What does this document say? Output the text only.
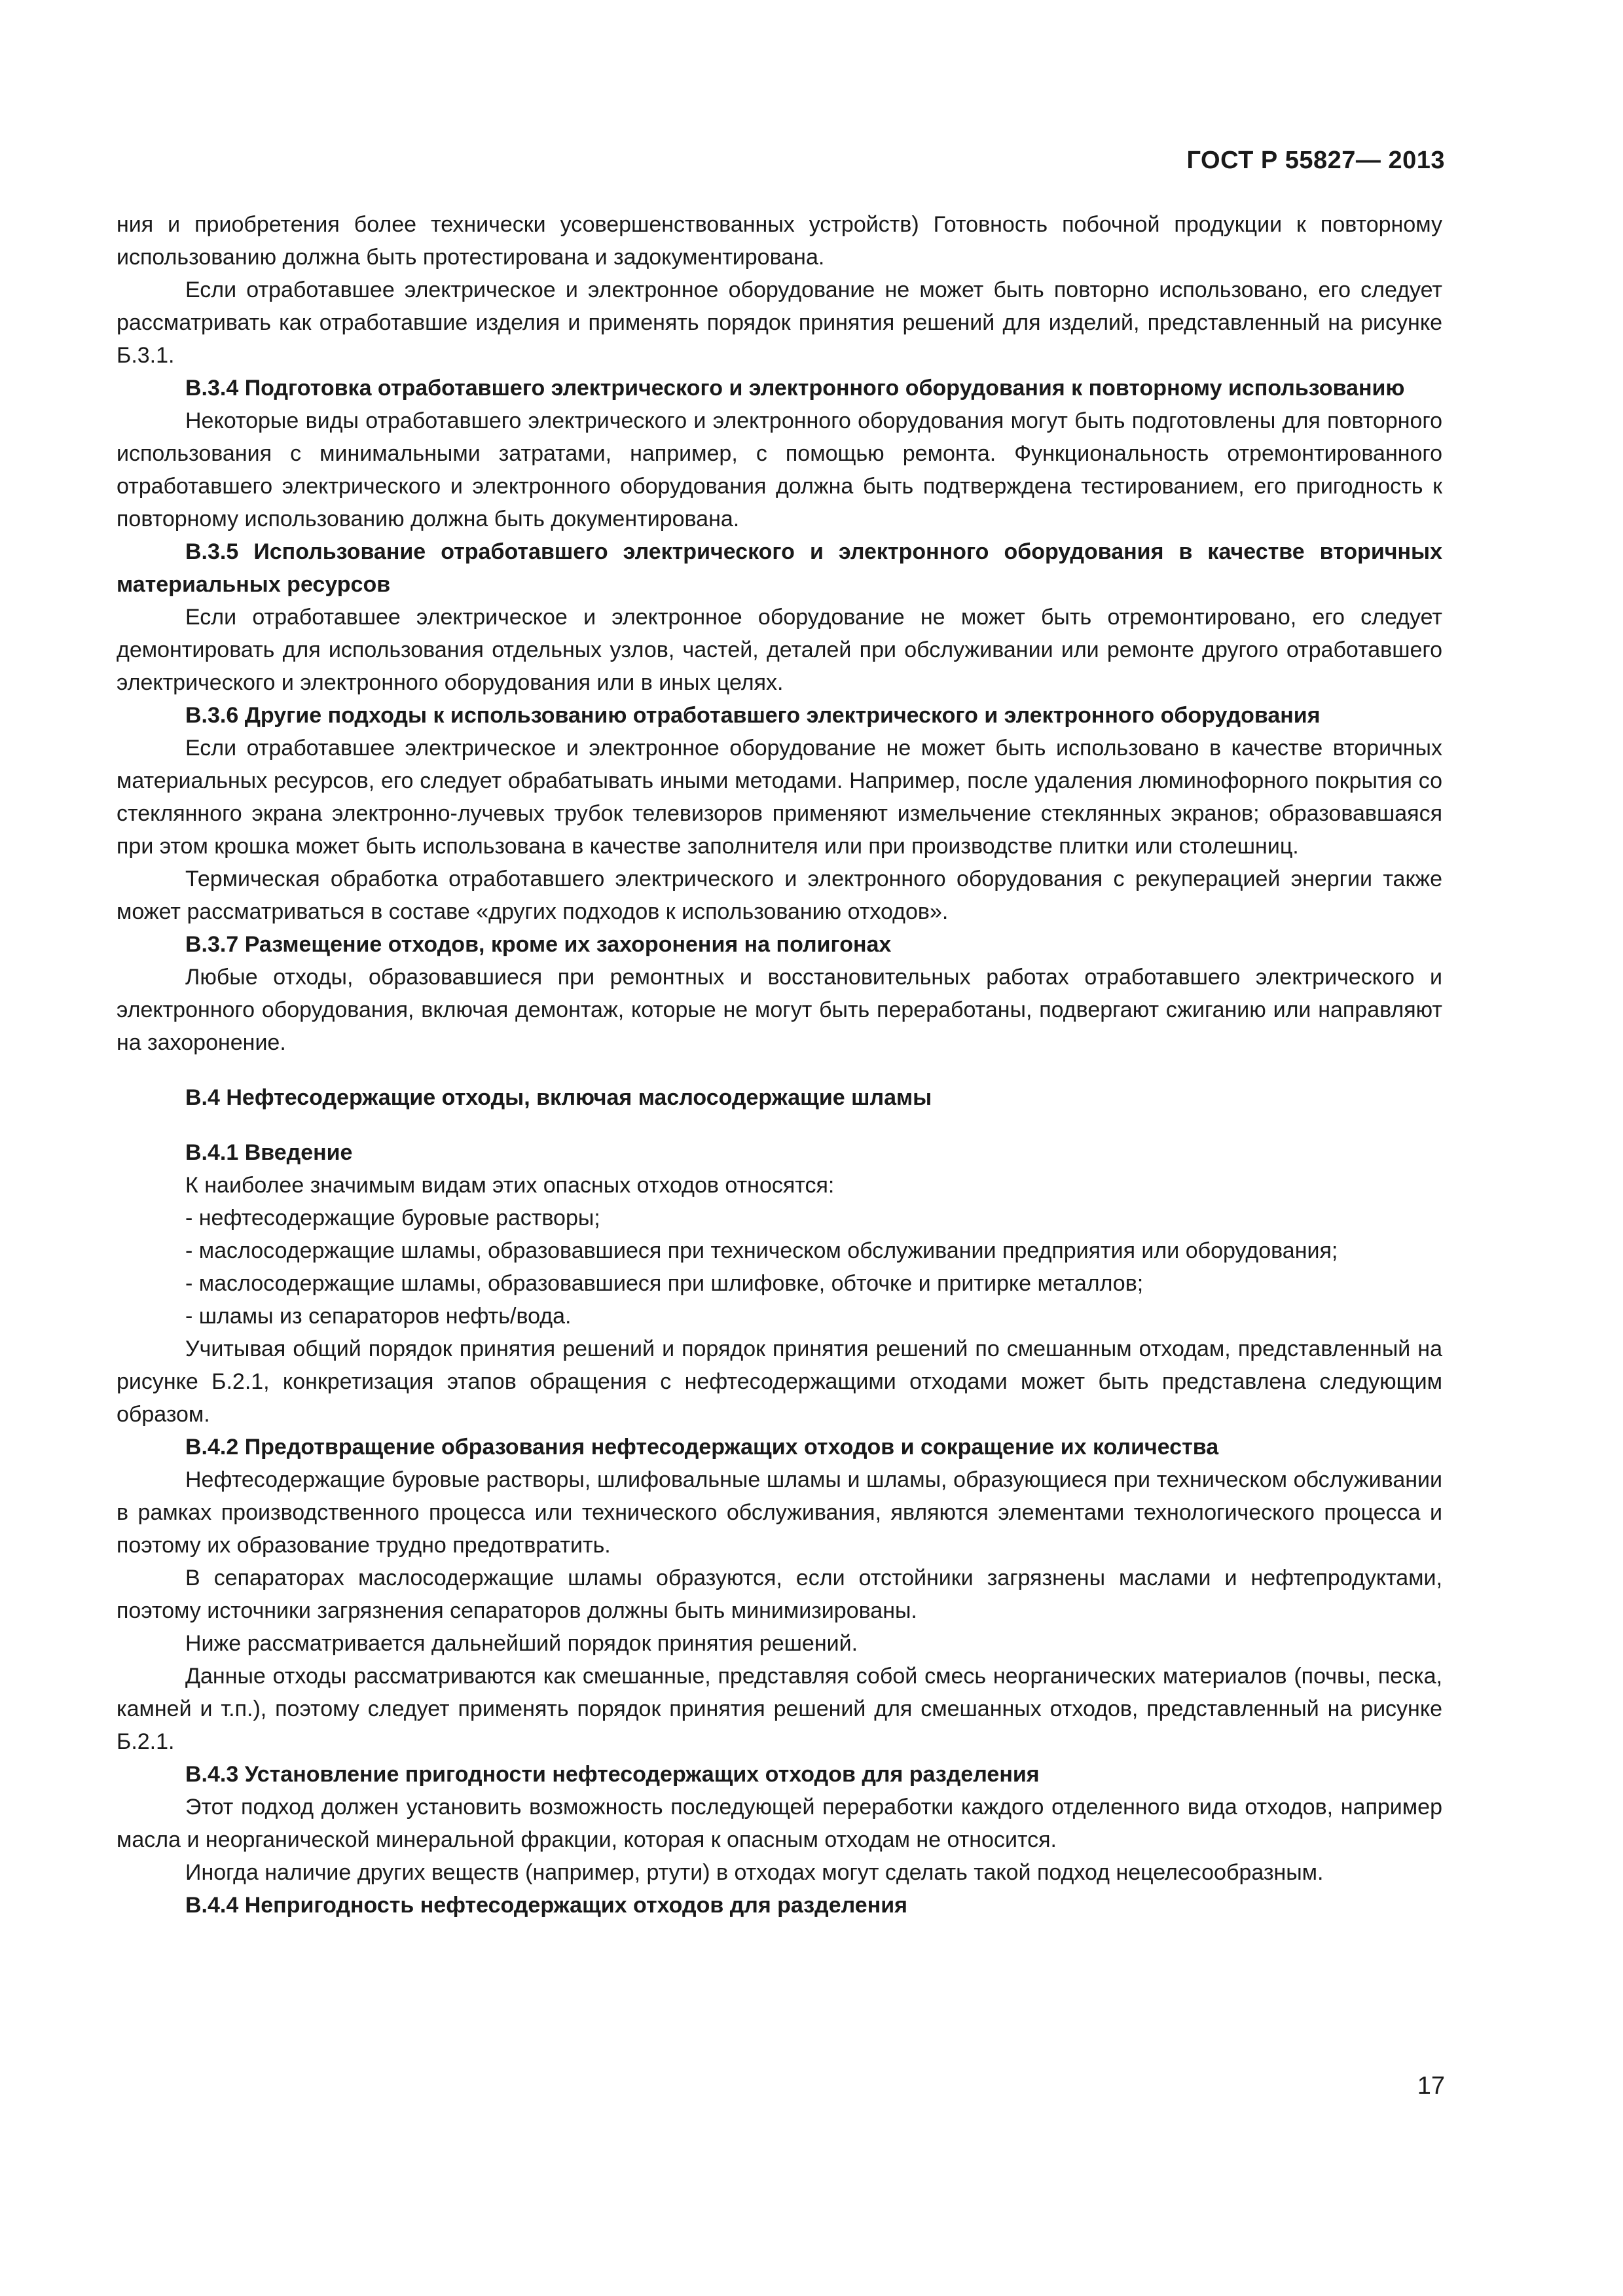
ГОСТ Р 55827— 2013

ния и приобретения более технически усовершенствованных устройств) Готовность побочной продукции к повторному использованию должна быть протестирована и задокументирована.

Если отработавшее электрическое и электронное оборудование не может быть повторно использовано, его следует рассматривать как отработавшие изделия и применять порядок принятия решений для изделий, представленный на рисунке Б.3.1.

В.3.4 Подготовка отработавшего электрического и электронного оборудования к повторному использованию

Некоторые виды отработавшего электрического и электронного оборудования могут быть подготовлены для повторного использования с минимальными затратами, например, с помощью ремонта. Функциональность отремонтированного отработавшего электрического и электронного оборудования должна быть подтверждена тестированием, его пригодность к повторному использованию должна быть документирована.

В.3.5 Использование отработавшего электрического и электронного оборудования в качестве вторичных материальных ресурсов

Если отработавшее электрическое и электронное оборудование не может быть отремонтировано, его следует демонтировать для использования отдельных узлов, частей, деталей при обслуживании или ремонте другого отработавшего электрического и электронного оборудования или в иных целях.

В.3.6 Другие подходы к использованию отработавшего электрического и электронного оборудования

Если отработавшее электрическое и электронное оборудование не может быть использовано в качестве вторичных материальных ресурсов, его следует обрабатывать иными методами. Например, после удаления люминофорного покрытия со стеклянного экрана электронно-лучевых трубок телевизоров применяют измельчение стеклянных экранов; образовавшаяся при этом крошка может быть использована в качестве заполнителя или при производстве плитки или столешниц.

Термическая обработка отработавшего электрического и электронного оборудования с рекуперацией энергии также может рассматриваться в составе «других подходов к использованию отходов».

В.3.7 Размещение отходов, кроме их захоронения на полигонах

Любые отходы, образовавшиеся при ремонтных и восстановительных работах отработавшего электрического и электронного оборудования, включая демонтаж, которые не могут быть переработаны, подвергают сжиганию или направляют на захоронение.

В.4 Нефтесодержащие отходы, включая маслосодержащие шламы

В.4.1 Введение

К наиболее значимым видам этих опасных отходов относятся:

- нефтесодержащие буровые растворы;

- маслосодержащие шламы, образовавшиеся при техническом обслуживании предприятия или оборудования;

- маслосодержащие шламы, образовавшиеся при шлифовке, обточке и притирке металлов;

- шламы из сепараторов нефть/вода.

Учитывая общий порядок принятия решений и порядок принятия решений по смешанным отходам, представленный на рисунке Б.2.1, конкретизация этапов обращения с нефтесодержащими отходами может быть представлена следующим образом.

В.4.2 Предотвращение образования нефтесодержащих отходов и сокращение их количества

Нефтесодержащие буровые растворы, шлифовальные шламы и шламы, образующиеся при техническом обслуживании в рамках производственного процесса или технического обслуживания, являются элементами технологического процесса и поэтому их образование трудно предотвратить.

В сепараторах маслосодержащие шламы образуются, если отстойники загрязнены маслами и нефтепродуктами, поэтому источники загрязнения сепараторов должны быть минимизированы.

Ниже рассматривается дальнейший порядок принятия решений.

Данные отходы рассматриваются как смешанные, представляя собой смесь неорганических материалов (почвы, песка, камней и т.п.), поэтому следует применять порядок принятия решений для смешанных отходов, представленный на рисунке Б.2.1.

В.4.3 Установление пригодности нефтесодержащих отходов для разделения

Этот подход должен установить возможность последующей переработки каждого отделенного вида отходов, например масла и неорганической минеральной фракции, которая к опасным отходам не относится.

Иногда наличие других веществ (например, ртути) в отходах могут сделать такой подход нецелесообразным.

В.4.4 Непригодность нефтесодержащих отходов для разделения

17
